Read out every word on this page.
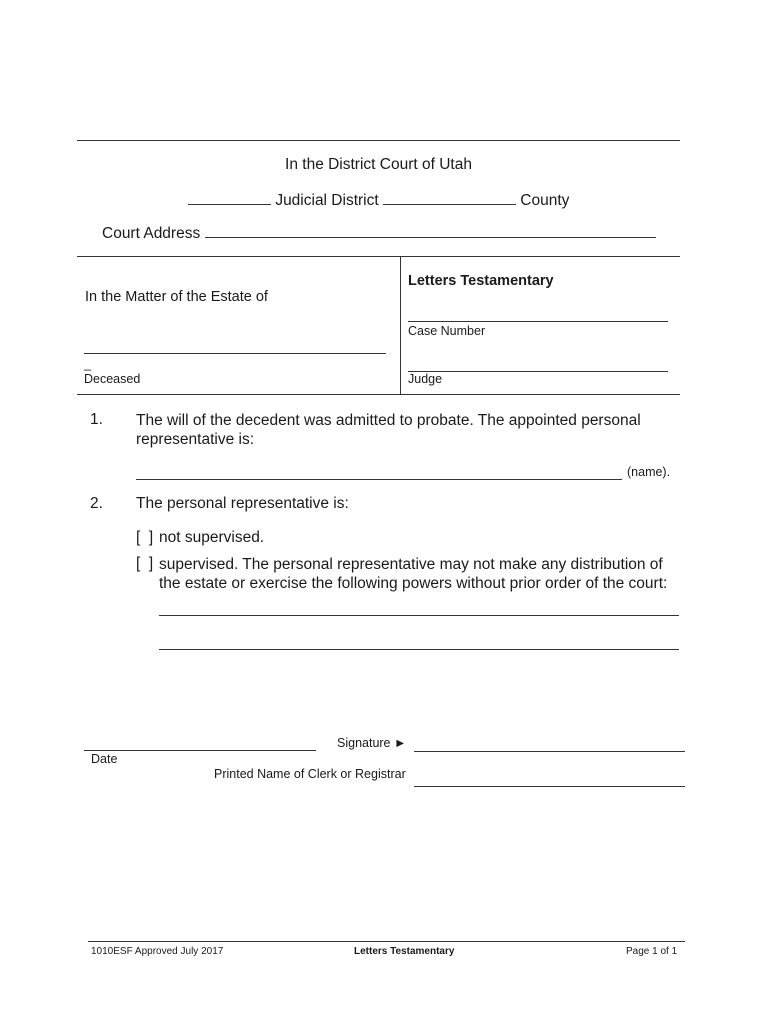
In the District Court of Utah
Judicial District	County
Court Address
In the Matter of the Estate of
_
Deceased
Letters Testamentary
Case Number
Judge
1. The will of the decedent was admitted to probate. The appointed personal representative is:
(name).
2. The personal representative is:
[  ] not supervised.
[  ] supervised. The personal representative may not make any distribution of the estate or exercise the following powers without prior order of the court:
Date
Signature ►
Printed Name of Clerk or Registrar
1010ESF Approved July 2017	Letters Testamentary	Page 1 of 1
